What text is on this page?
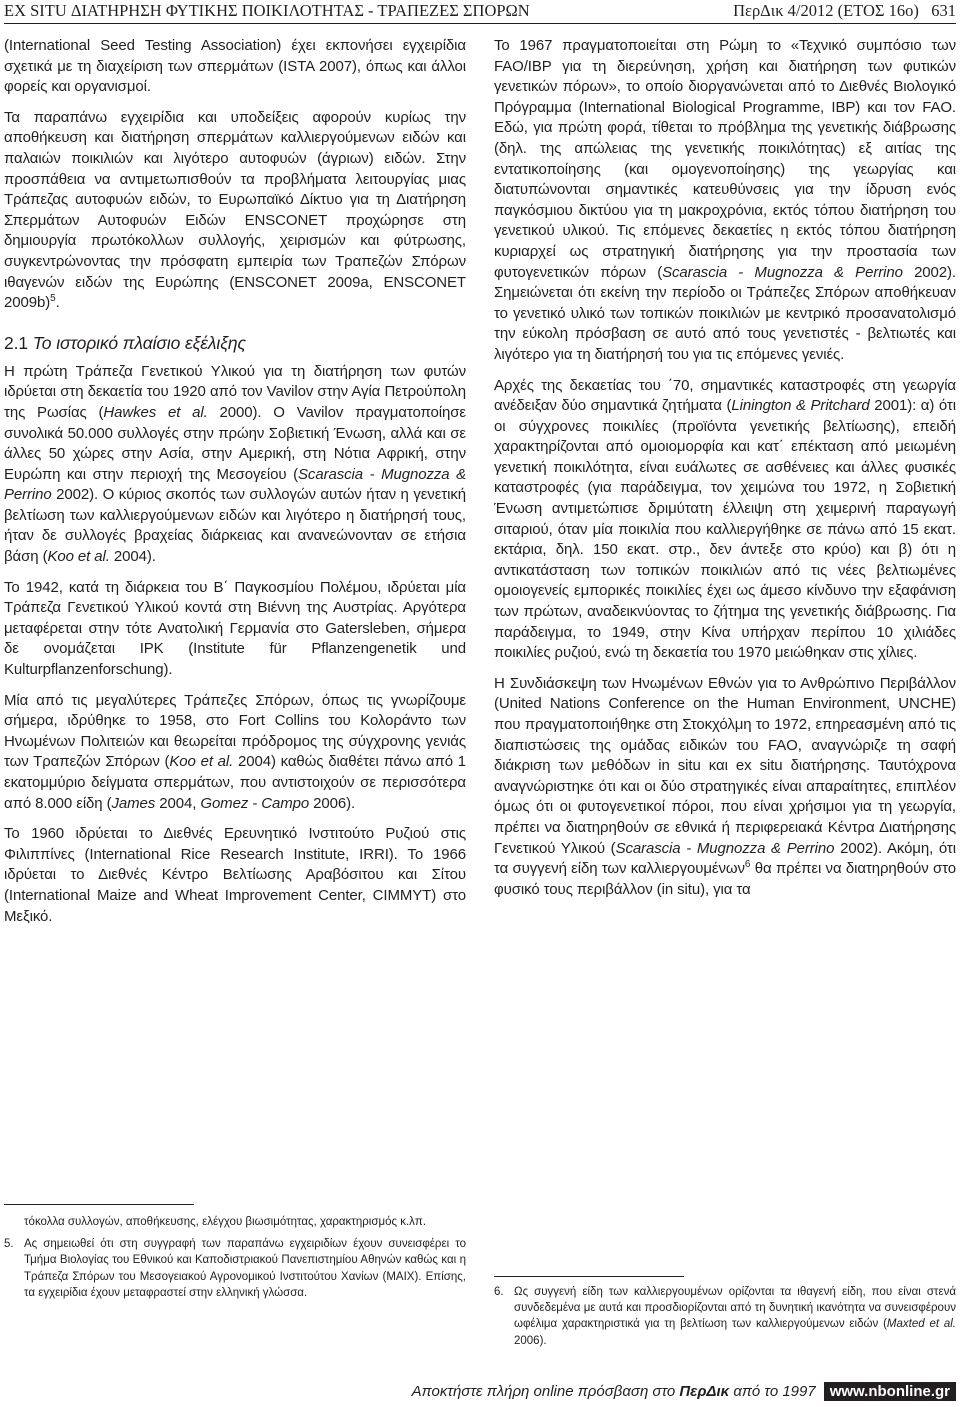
EX SITU ΔΙΑΤΗΡΗΣΗ ΦΥΤΙΚΗΣ ΠΟΙΚΙΛΟΤΗΤΑΣ - ΤΡΑΠΕΖΕΣ ΣΠΟΡΩΝ	ΠερΔικ 4/2012 (ΕΤΟΣ 16ο) 631

(International Seed Testing Association) έχει εκπονήσει εγχειρίδια σχετικά με τη διαχείριση των σπερμάτων (ISTA 2007), όπως και άλλοι φορείς και οργανισμοί.

Τα παραπάνω εγχειρίδια και υποδείξεις αφορούν κυρίως την αποθήκευση και διατήρηση σπερμάτων καλλιεργούμενων ειδών και παλαιών ποικιλιών και λιγότερο αυτοφυών (άγριων) ειδών. Στην προσπάθεια να αντιμετωπισθούν τα προβλήματα λειτουργίας μιας Τράπεζας αυτοφυών ειδών, το Ευρωπαϊκό Δίκτυο για τη Διατήρηση Σπερμάτων Αυτοφυών Ειδών ENSCONET προχώρησε στη δημιουργία πρωτόκολλων συλλογής, χειρισμών και φύτρωσης, συγκεντρώνοντας την πρόσφατη εμπειρία των Τραπεζών Σπόρων ιθαγενών ειδών της Ευρώπης (ENSCONET 2009a, ENSCONET 2009b)$^5$.

2.1 Το ιστορικό πλαίσιο εξέλιξης

Η πρώτη Τράπεζα Γενετικού Υλικού για τη διατήρηση των φυτών ιδρύεται στη δεκαετία του 1920 από τον Vavilov στην Αγία Πετρούπολη της Ρωσίας (Hawkes et al. 2000). Ο Vavilov πραγματοποίησε συνολικά 50.000 συλλογές στην πρώην Σοβιετική Ένωση, αλλά και σε άλλες 50 χώρες στην Ασία, στην Αμερική, στη Νότια Αφρική, στην Ευρώπη και στην περιοχή της Μεσογείου (Scarascia - Mugnozza & Perrino 2002). Ο κύριος σκοπός των συλλογών αυτών ήταν η γενετική βελτίωση των καλλιεργούμενων ειδών και λιγότερο η διατήρησή τους, ήταν δε συλλογές βραχείας διάρκειας και ανανεώνονταν σε ετήσια βάση (Koo et al. 2004).

Το 1942, κατά τη διάρκεια του Β΄ Παγκοσμίου Πολέμου, ιδρύεται μία Τράπεζα Γενετικού Υλικού κοντά στη Βιέννη της Αυστρίας. Αργότερα μεταφέρεται στην τότε Ανατολική Γερμανία στο Gatersleben, σήμερα δε ονομάζεται IPK (Institute für Pflanzengenetik und Kulturpflanzenforschung).

Μία από τις μεγαλύτερες Τράπεζες Σπόρων, όπως τις γνωρίζουμε σήμερα, ιδρύθηκε το 1958, στο Fort Collins του Κολοράντο των Ηνωμένων Πολιτειών και θεωρείται πρόδρομος της σύγχρονης γενιάς των Τραπεζών Σπόρων (Koo et al. 2004) καθώς διαθέτει πάνω από 1 εκατομμύριο δείγματα σπερμάτων, που αντιστοιχούν σε περισσότερα από 8.000 είδη (James 2004, Gomez - Campo 2006).

Το 1960 ιδρύεται το Διεθνές Ερευνητικό Ινστιτούτο Ρυζιού στις Φιλιππίνες (International Rice Research Institute, IRRI). Το 1966 ιδρύεται το Διεθνές Κέντρο Βελτίωσης Αραβόσιτου και Σίτου (International Maize and Wheat Improvement Center, CIMMYT) στο Μεξικό.

Το 1967 πραγματοποιείται στη Ρώμη το «Τεχνικό συμπόσιο των FAO/IBP για τη διερεύνηση, χρήση και διατήρηση των φυτικών γενετικών πόρων», το οποίο διοργανώνεται από το Διεθνές Βιολογικό Πρόγραμμα (International Biological Programme, IBP) και τον FAO. Εδώ, για πρώτη φορά, τίθεται το πρόβλημα της γενετικής διάβρωσης (δηλ. της απώλειας της γενετικής ποικιλότητας) εξ αιτίας της εντατικοποίησης (και ομογενοποίησης) της γεωργίας και διατυπώνονται σημαντικές κατευθύνσεις για την ίδρυση ενός παγκόσμιου δικτύου για τη μακροχρόνια, εκτός τόπου διατήρηση του γενετικού υλικού. Τις επόμενες δεκαετίες η εκτός τόπου διατήρηση κυριαρχεί ως στρατηγική διατήρησης για την προστασία των φυτογενετικών πόρων (Scarascia - Mugnozza & Perrino 2002). Σημειώνεται ότι εκείνη την περίοδο οι Τράπεζες Σπόρων αποθήκευαν το γενετικό υλικό των τοπικών ποικιλιών με κεντρικό προσανατολισμό την εύκολη πρόσβαση σε αυτό από τους γενετιστές - βελτιωτές και λιγότερο για τη διατήρησή του για τις επόμενες γενιές.

Αρχές της δεκαετίας του ΄70, σημαντικές καταστροφές στη γεωργία ανέδειξαν δύο σημαντικά ζητήματα (Linington & Pritchard 2001): α) ότι οι σύγχρονες ποικιλίες (προϊόντα γενετικής βελτίωσης), επειδή χαρακτηρίζονται από ομοιομορφία και κατ΄ επέκταση από μειωμένη γενετική ποικιλότητα, είναι ευάλωτες σε ασθένειες και άλλες φυσικές καταστροφές (για παράδειγμα, τον χειμώνα του 1972, η Σοβιετική Ένωση αντιμετώπισε δριμύτατη έλλειψη στη χειμερινή παραγωγή σιταριού, όταν μία ποικιλία που καλλιεργήθηκε σε πάνω από 15 εκατ. εκτάρια, δηλ. 150 εκατ. στρ., δεν άντεξε στο κρύο) και β) ότι η αντικατάσταση των τοπικών ποικιλιών από τις νέες βελτιωμένες ομοιογενείς εμπορικές ποικιλίες έχει ως άμεσο κίνδυνο την εξαφάνιση των πρώτων, αναδεικνύοντας το ζήτημα της γενετικής διάβρωσης. Για παράδειγμα, το 1949, στην Κίνα υπήρχαν περίπου 10 χιλιάδες ποικιλίες ρυζιού, ενώ τη δεκαετία του 1970 μειώθηκαν στις χίλιες.

Η Συνδιάσκεψη των Ηνωμένων Εθνών για το Ανθρώπινο Περιβάλλον (United Nations Conference on the Human Environment, UNCHE) που πραγματοποιήθηκε στη Στοκχόλμη το 1972, επηρεασμένη από τις διαπιστώσεις της ομάδας ειδικών του FAO, αναγνώριζε τη σαφή διάκριση των μεθόδων in situ και ex situ διατήρησης. Ταυτόχρονα αναγνώριστηκε ότι και οι δύο στρατηγικές είναι απαραίτητες, επιπλέον όμως ότι οι φυτογενετικοί πόροι, που είναι χρήσιμοι για τη γεωργία, πρέπει να διατηρηθούν σε εθνικά ή περιφερειακά Κέντρα Διατήρησης Γενετικού Υλικού (Scarascia - Mugnozza & Perrino 2002). Ακόμη, ότι τα συγγενή είδη των καλλιεργουμένων$^6$ θα πρέπει να διατηρηθούν στο φυσικό τους περιβάλλον (in situ), για τα

τόκολλα συλλογών, αποθήκευσης, ελέγχου βιωσιμότητας, χαρακτηρισμός κ.λπ.
5. Ας σημειωθεί ότι στη συγγραφή των παραπάνω εγχειριδίων έχουν συνεισφέρει το Τμήμα Βιολογίας του Εθνικού και Καποδιστριακού Πανεπιστημίου Αθηνών καθώς και η Τράπεζα Σπόρων του Μεσογειακού Αγρονομικού Ινστιτούτου Χανίων (ΜΑΙΧ). Επίσης, τα εγχειρίδια έχουν μεταφραστεί στην ελληνική γλώσσα.	6. Ως συγγενή είδη των καλλιεργουμένων ορίζονται τα ιθαγενή είδη, που είναι στενά συνδεδεμένα με αυτά και προσδιορίζονται από τη δυνητική ικανότητα να συνεισφέρουν ωφέλιμα χαρακτηριστικά για τη βελτίωση των καλλιεργούμενων ειδών (Maxted et al. 2006).
Αποκτήστε πλήρη online πρόσβαση στο ΠερΔικ από το 1997 www.nbonline.gr
